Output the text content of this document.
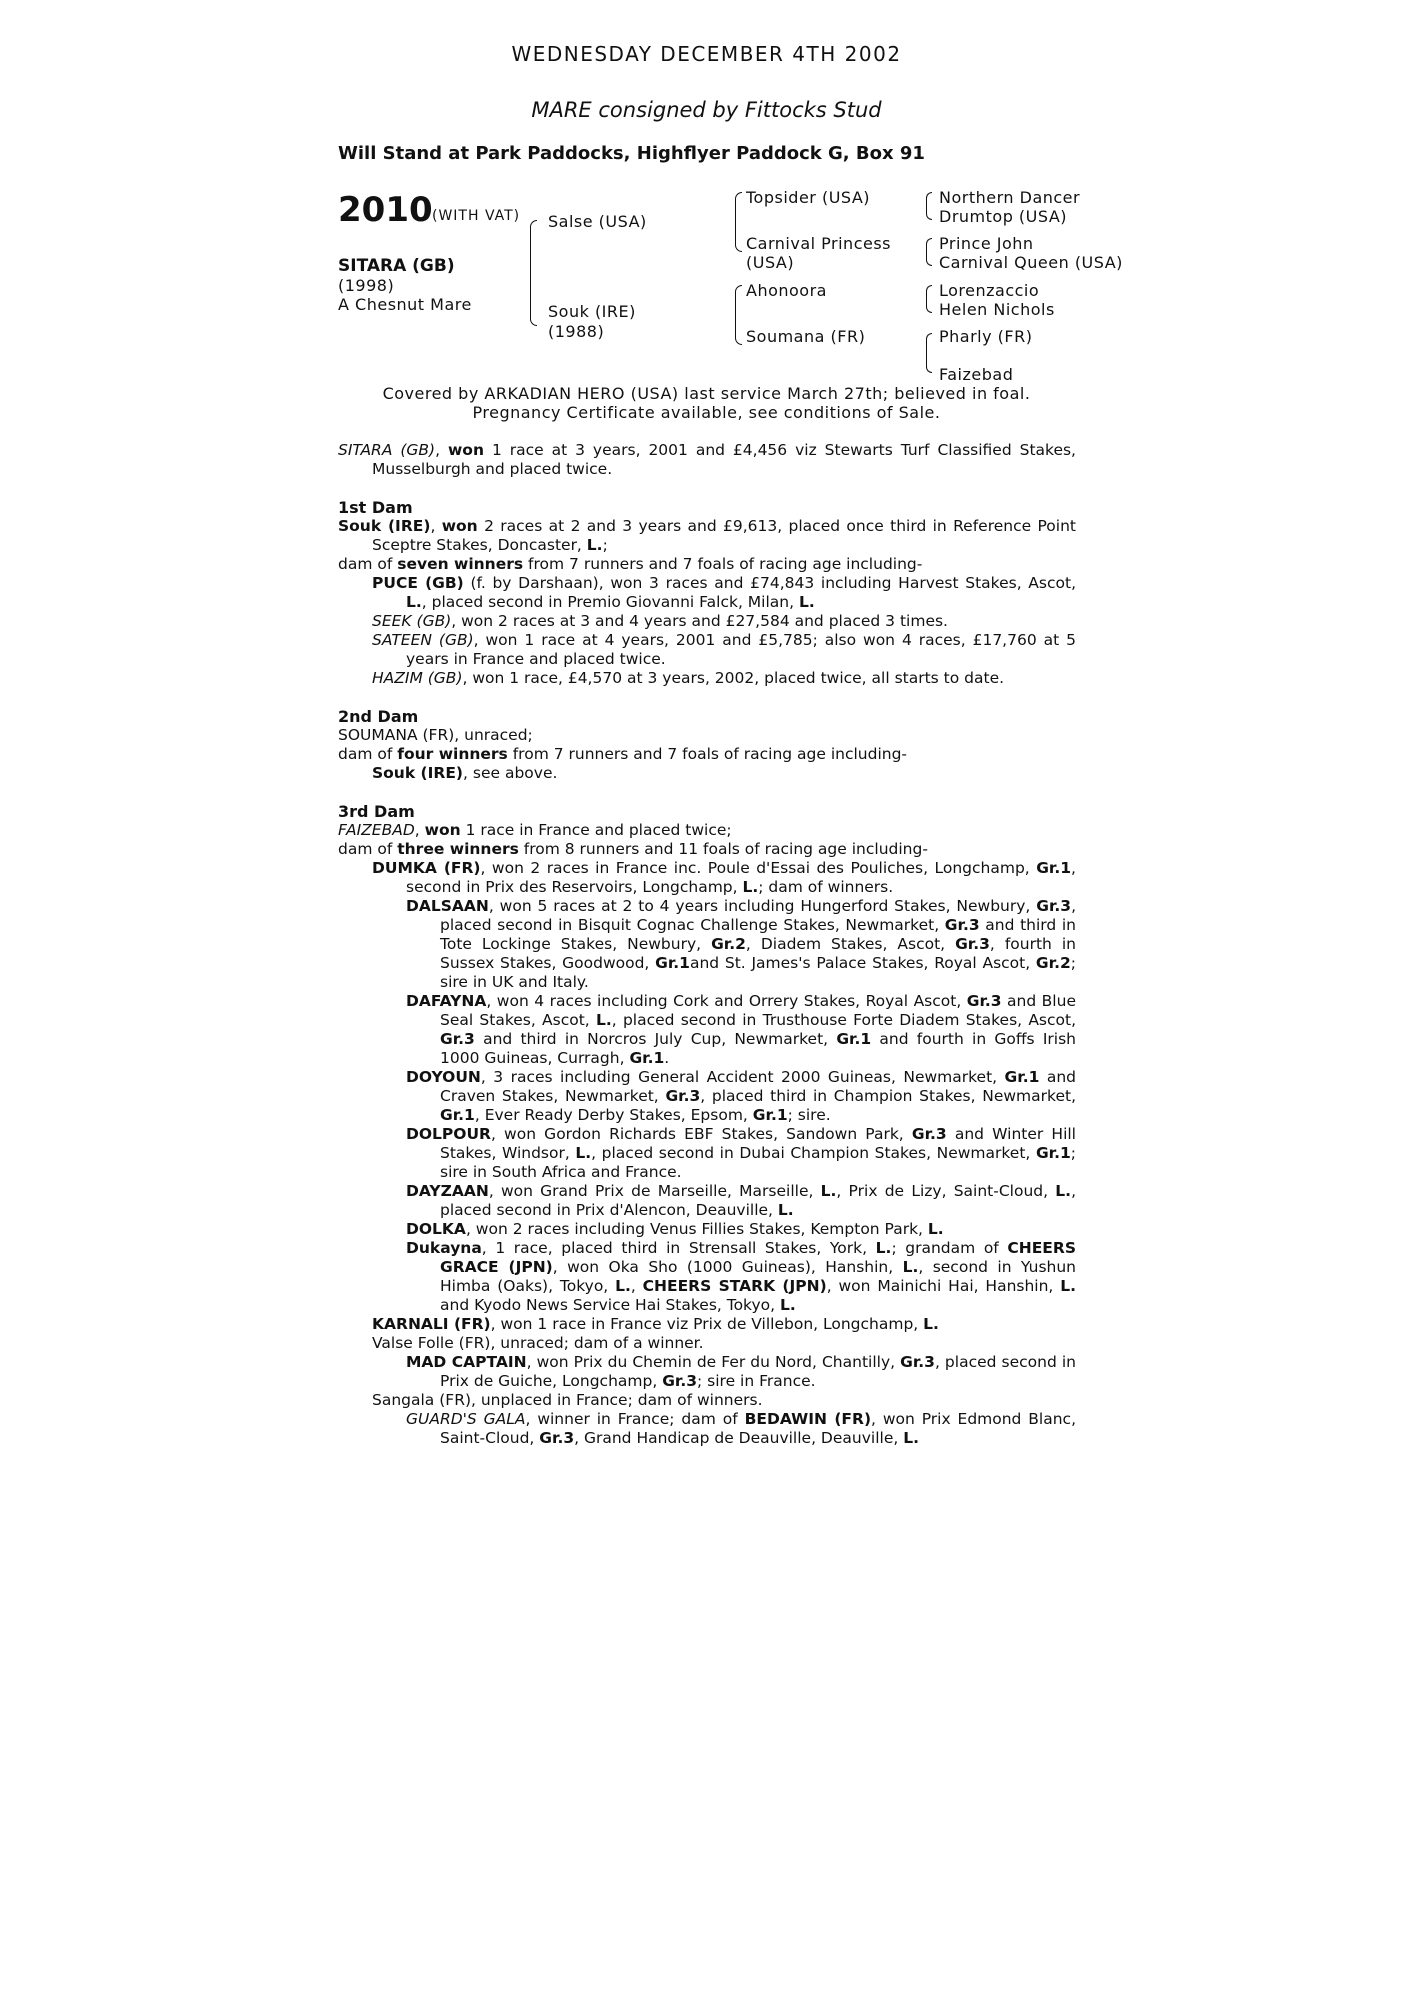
WEDNESDAY DECEMBER 4TH 2002
MARE consigned by Fittocks Stud
Will Stand at Park Paddocks, Highflyer Paddock G, Box 91
2010 (WITH VAT)
SITARA (GB)
(1998)
A Chesnut Mare
Salse (USA)
Souk (IRE)
(1988)
Topsider (USA)
Carnival Princess
(USA)
Ahonoora
Soumana (FR)
Northern Dancer
Drumtop (USA)
Prince John
Carnival Queen (USA)
Lorenzaccio
Helen Nichols
Pharly (FR)
Faizebad
Covered by ARKADIAN HERO (USA) last service March 27th; believed in foal.
Pregnancy Certificate available, see conditions of Sale.

SITARA (GB), won 1 race at 3 years, 2001 and £4,456 viz Stewarts Turf Classified Stakes, Musselburgh and placed twice.

1st Dam

Souk (IRE), won 2 races at 2 and 3 years and £9,613, placed once third in Reference Point Sceptre Stakes, Doncaster, L.;

dam of seven winners from 7 runners and 7 foals of racing age including-

PUCE (GB) (f. by Darshaan), won 3 races and £74,843 including Harvest Stakes, Ascot, L., placed second in Premio Giovanni Falck, Milan, L.

SEEK (GB), won 2 races at 3 and 4 years and £27,584 and placed 3 times.

SATEEN (GB), won 1 race at 4 years, 2001 and £5,785; also won 4 races, £17,760 at 5 years in France and placed twice.

HAZIM (GB), won 1 race, £4,570 at 3 years, 2002, placed twice, all starts to date.

2nd Dam

SOUMANA (FR), unraced;

dam of four winners from 7 runners and 7 foals of racing age including-

Souk (IRE), see above.

3rd Dam

FAIZEBAD, won 1 race in France and placed twice;

dam of three winners from 8 runners and 11 foals of racing age including-

DUMKA (FR), won 2 races in France inc. Poule d'Essai des Pouliches, Longchamp, Gr.1, second in Prix des Reservoirs, Longchamp, L.; dam of winners.

DALSAAN, won 5 races at 2 to 4 years including Hungerford Stakes, Newbury, Gr.3, placed second in Bisquit Cognac Challenge Stakes, Newmarket, Gr.3 and third in Tote Lockinge Stakes, Newbury, Gr.2, Diadem Stakes, Ascot, Gr.3, fourth in Sussex Stakes, Goodwood, Gr.1and St. James's Palace Stakes, Royal Ascot, Gr.2; sire in UK and Italy.

DAFAYNA, won 4 races including Cork and Orrery Stakes, Royal Ascot, Gr.3 and Blue Seal Stakes, Ascot, L., placed second in Trusthouse Forte Diadem Stakes, Ascot, Gr.3 and third in Norcros July Cup, Newmarket, Gr.1 and fourth in Goffs Irish 1000 Guineas, Curragh, Gr.1.

DOYOUN, 3 races including General Accident 2000 Guineas, Newmarket, Gr.1 and Craven Stakes, Newmarket, Gr.3, placed third in Champion Stakes, Newmarket, Gr.1, Ever Ready Derby Stakes, Epsom, Gr.1; sire.

DOLPOUR, won Gordon Richards EBF Stakes, Sandown Park, Gr.3 and Winter Hill Stakes, Windsor, L., placed second in Dubai Champion Stakes, Newmarket, Gr.1; sire in South Africa and France.

DAYZAAN, won Grand Prix de Marseille, Marseille, L., Prix de Lizy, Saint-Cloud, L., placed second in Prix d'Alencon, Deauville, L.

DOLKA, won 2 races including Venus Fillies Stakes, Kempton Park, L.

Dukayna, 1 race, placed third in Strensall Stakes, York, L.; grandam of CHEERS GRACE (JPN), won Oka Sho (1000 Guineas), Hanshin, L., second in Yushun Himba (Oaks), Tokyo, L., CHEERS STARK (JPN), won Mainichi Hai, Hanshin, L. and Kyodo News Service Hai Stakes, Tokyo, L.

KARNALI (FR), won 1 race in France viz Prix de Villebon, Longchamp, L.

Valse Folle (FR), unraced; dam of a winner.

MAD CAPTAIN, won Prix du Chemin de Fer du Nord, Chantilly, Gr.3, placed second in Prix de Guiche, Longchamp, Gr.3; sire in France.

Sangala (FR), unplaced in France; dam of winners.

GUARD'S GALA, winner in France; dam of BEDAWIN (FR), won Prix Edmond Blanc, Saint-Cloud, Gr.3, Grand Handicap de Deauville, Deauville, L.
